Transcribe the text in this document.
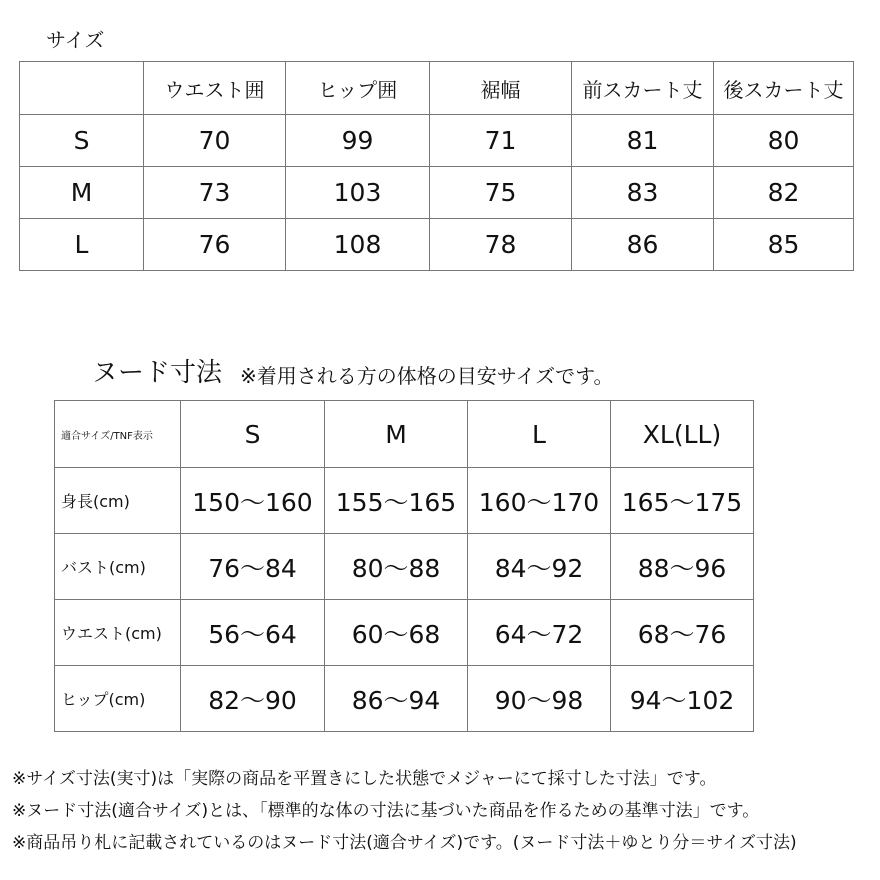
サイズ
	ウエスト囲	ヒップ囲	裾幅	前スカート丈	後スカート丈
S	70	99	71	81	80
M	73	103	75	83	82
L	76	108	78	86	85
ヌード寸法 ※着用される方の体格の目安サイズです。
適合サイズ/TNF表示	S	M	L	XL(LL)
身長(cm)	150〜160	155〜165	160〜170	165〜175
バスト(cm)	76〜84	80〜88	84〜92	88〜96
ウエスト(cm)	56〜64	60〜68	64〜72	68〜76
ヒップ(cm)	82〜90	86〜94	90〜98	94〜102
※サイズ寸法(実寸)は「実際の商品を平置きにした状態でメジャーにて採寸した寸法」です。
※ヌード寸法(適合サイズ)とは、「標準的な体の寸法に基づいた商品を作るための基準寸法」です。
※商品吊り札に記載されているのはヌード寸法(適合サイズ)です。(ヌード寸法＋ゆとり分＝サイズ寸法)
